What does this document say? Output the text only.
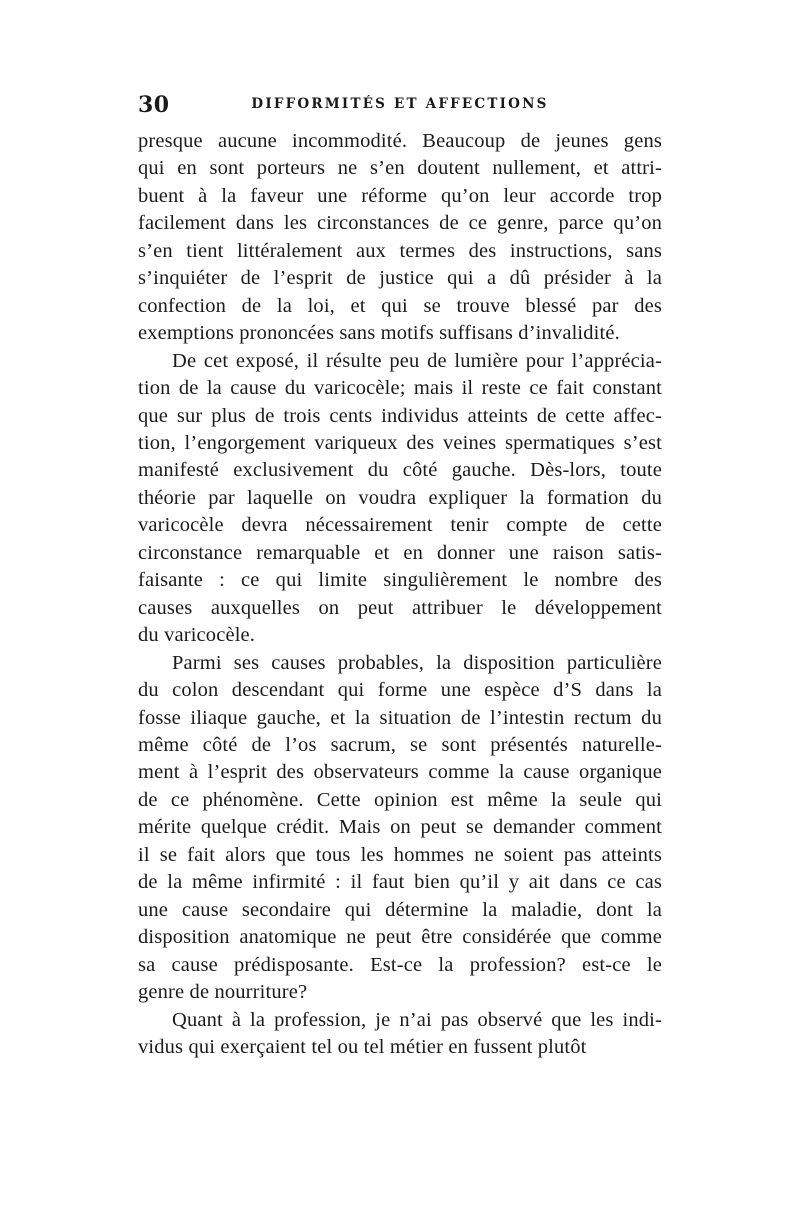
30	DIFFORMITÉS ET AFFECTIONS

presque aucune incommodité. Beaucoup de jeunes gens
qui en sont porteurs ne s’en doutent nullement, et attri-
buent à la faveur une réforme qu’on leur accorde trop
facilement dans les circonstances de ce genre, parce qu’on
s’en tient littéralement aux termes des instructions, sans
s’inquiéter de l’esprit de justice qui a dû présider à la
confection de la loi, et qui se trouve blessé par des
exemptions prononcées sans motifs suffisans d’invalidité.

De cet exposé, il résulte peu de lumière pour l’apprécia-
tion de la cause du varicocèle; mais il reste ce fait constant
que sur plus de trois cents individus atteints de cette affec-
tion, l’engorgement variqueux des veines spermatiques s’est
manifesté exclusivement du côté gauche. Dès-lors, toute
théorie par laquelle on voudra expliquer la formation du
varicocèle devra nécessairement tenir compte de cette
circonstance remarquable et en donner une raison satis-
faisante : ce qui limite singulièrement le nombre des
causes auxquelles on peut attribuer le développement
du varicocèle.

Parmi ses causes probables, la disposition particulière
du colon descendant qui forme une espèce d’S dans la
fosse iliaque gauche, et la situation de l’intestin rectum du
même côté de l’os sacrum, se sont présentés naturelle-
ment à l’esprit des observateurs comme la cause organique
de ce phénomène. Cette opinion est même la seule qui
mérite quelque crédit. Mais on peut se demander comment
il se fait alors que tous les hommes ne soient pas atteints
de la même infirmité : il faut bien qu’il y ait dans ce cas
une cause secondaire qui détermine la maladie, dont la
disposition anatomique ne peut être considérée que comme
sa cause prédisposante. Est-ce la profession? est-ce le
genre de nourriture?

Quant à la profession, je n’ai pas observé que les indi-
vidus qui exerçaient tel ou tel métier en fussent plutôt
